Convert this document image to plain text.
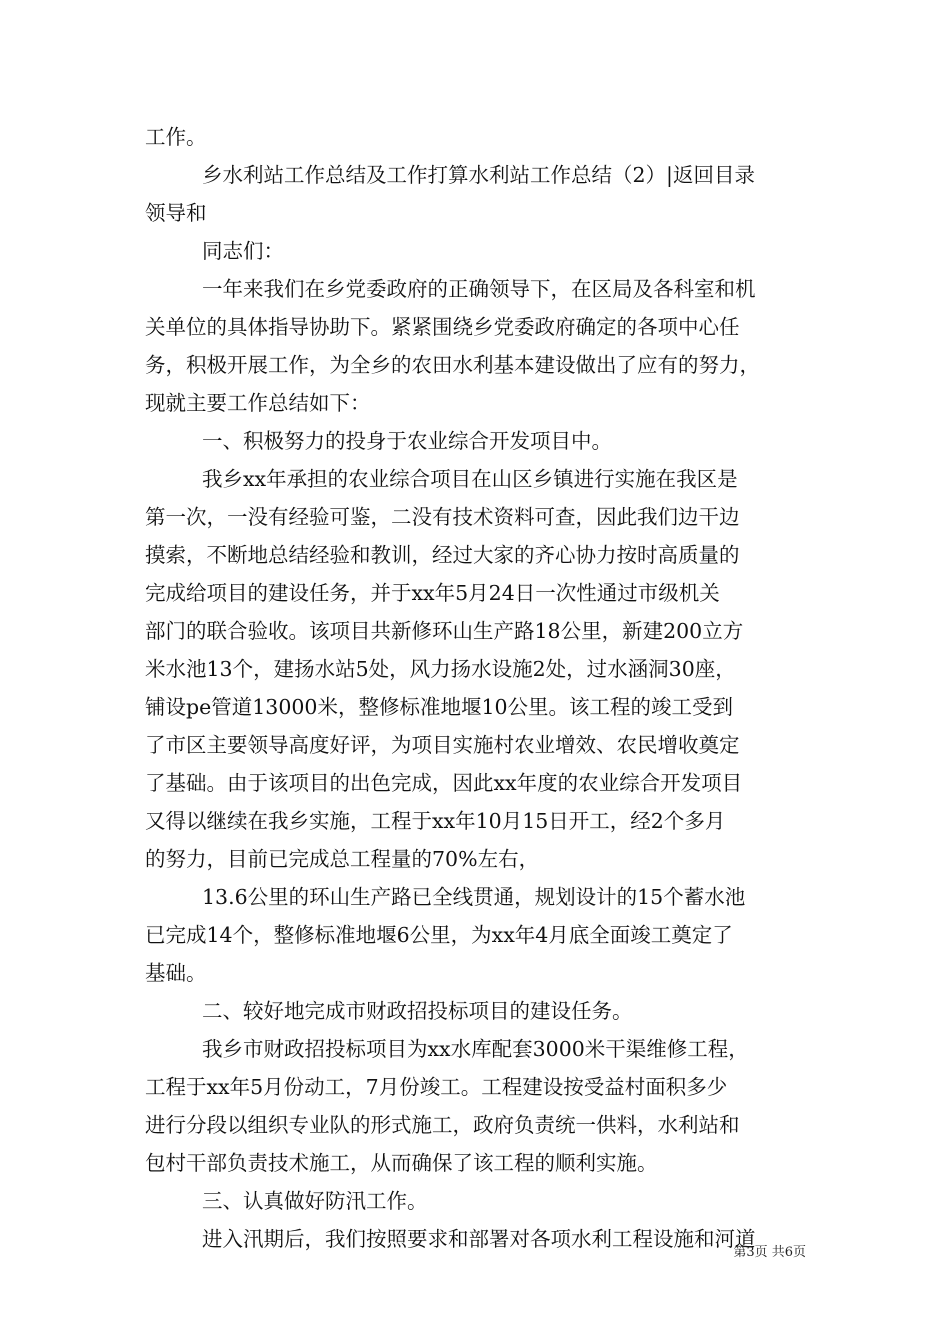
工作。
乡水利站工作总结及工作打算水利站工作总结（2）|返回目录
领导和
同志们：
一年来我们在乡党委政府的正确领导下，在区局及各科室和机
关单位的具体指导协助下。紧紧围绕乡党委政府确定的各项中心任
务，积极开展工作，为全乡的农田水利基本建设做出了应有的努力，
现就主要工作总结如下：
一、积极努力的投身于农业综合开发项目中。
我乡xx年承担的农业综合项目在山区乡镇进行实施在我区是
第一次，一没有经验可鉴，二没有技术资料可查，因此我们边干边
摸索，不断地总结经验和教训，经过大家的齐心协力按时高质量的
完成给项目的建设任务，并于xx年5月24日一次性通过市级机关
部门的联合验收。该项目共新修环山生产路18公里，新建200立方
米水池13个，建扬水站5处，风力扬水设施2处，过水涵洞30座，
铺设pe管道13000米，整修标准地堰10公里。该工程的竣工受到
了市区主要领导高度好评，为项目实施村农业增效、农民增收奠定
了基础。由于该项目的出色完成，因此xx年度的农业综合开发项目
又得以继续在我乡实施，工程于xx年10月15日开工，经2个多月
的努力，目前已完成总工程量的70%左右，
13.6公里的环山生产路已全线贯通，规划设计的15个蓄水池
已完成14个，整修标准地堰6公里，为xx年4月底全面竣工奠定了
基础。
二、较好地完成市财政招投标项目的建设任务。
我乡市财政招投标项目为xx水库配套3000米干渠维修工程，
工程于xx年5月份动工，7月份竣工。工程建设按受益村面积多少
进行分段以组织专业队的形式施工，政府负责统一供料，水利站和
包村干部负责技术施工，从而确保了该工程的顺利实施。
三、认真做好防汛工作。
进入汛期后，我们按照要求和部署对各项水利工程设施和河道
第3页 共6页
